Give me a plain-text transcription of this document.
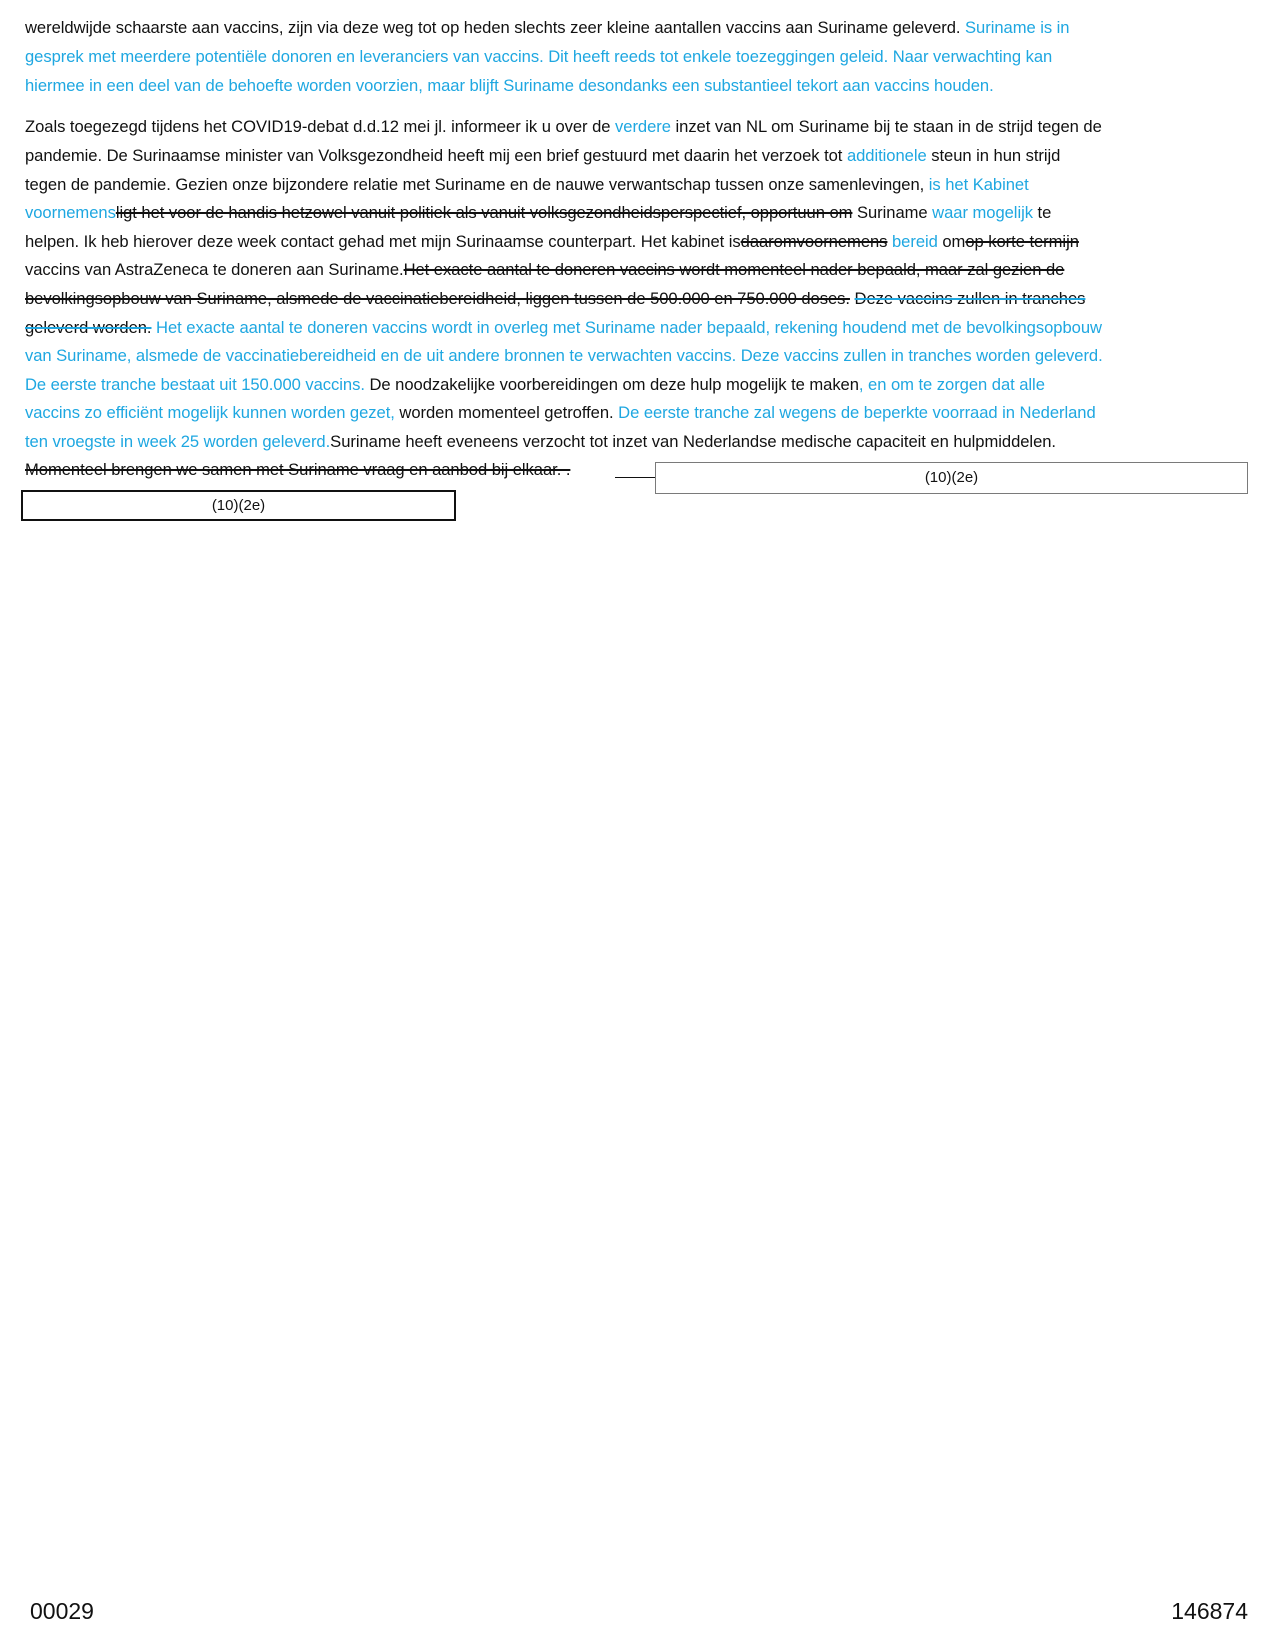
wereldwijde schaarste aan vaccins, zijn via deze weg tot op heden slechts zeer kleine aantallen vaccins aan Suriname geleverd. Suriname is in
gesprek met meerdere potentiële donoren en leveranciers van vaccins. Dit heeft reeds tot enkele toezeggingen geleid. Naar verwachting kan
hiermee in een deel van de behoefte worden voorzien, maar blijft Suriname desondanks een substantieel tekort aan vaccins houden.
Zoals toegezegd tijdens het COVID19-debat d.d.12 mei jl. informeer ik u over de verdere inzet van NL om Suriname bij te staan in de strijd tegen de
pandemie. De Surinaamse minister van Volksgezondheid heeft mij een brief gestuurd met daarin het verzoek tot additionele steun in hun strijd
tegen de pandemie. Gezien onze bijzondere relatie met Suriname en de nauwe verwantschap tussen onze samenlevingen, is het Kabinet
voornemensligt het voor de handis hetzowel vanuit politiek als vanuit volksgezondheidsperspectief, opportuun om Suriname waar mogelijk te
helpen. Ik heb hierover deze week contact gehad met mijn Surinaamse counterpart. Het kabinet isdaaromvoornemens bereid omop korte termijn
vaccins van AstraZeneca te doneren aan Suriname.Het exacte aantal te doneren vaccins wordt momenteel nader bepaald, maar zal gezien de
bevolkingsopbouw van Suriname, alsmede de vaccinatiebereidheid, liggen tussen de 500.000 en 750.000 doses. Deze vaccins zullen in tranches
geleverd worden. Het exacte aantal te doneren vaccins wordt in overleg met Suriname nader bepaald, rekening houdend met de bevolkingsopbouw
van Suriname, alsmede de vaccinatiebereidheid en de uit andere bronnen te verwachten vaccins. Deze vaccins zullen in tranches worden geleverd.
De eerste tranche bestaat uit 150.000 vaccins. De noodzakelijke voorbereidingen om deze hulp mogelijk te maken, en om te zorgen dat alle
vaccins zo efficiënt mogelijk kunnen worden gezet, worden momenteel getroffen. De eerste tranche zal wegens de beperkte voorraad in Nederland
ten vroegste in week 25 worden geleverd.Suriname heeft eveneens verzocht tot inzet van Nederlandse medische capaciteit en hulpmiddelen.
Momenteel brengen we samen met Suriname vraag en aanbod bij elkaar. .	(10)(2e)
(10)(2e)
00029	146874
